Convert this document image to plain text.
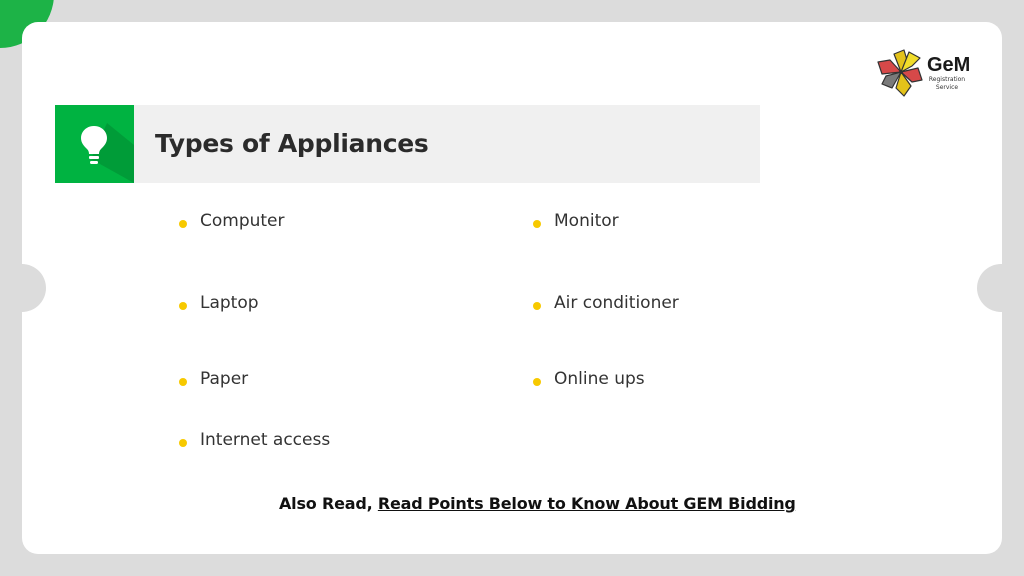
GeM
Registration Service
Types of Appliances
Computer	Monitor
Laptop	Air conditioner
Paper	Online ups
Internet access
Also Read, Read Points Below to Know About GEM Bidding
